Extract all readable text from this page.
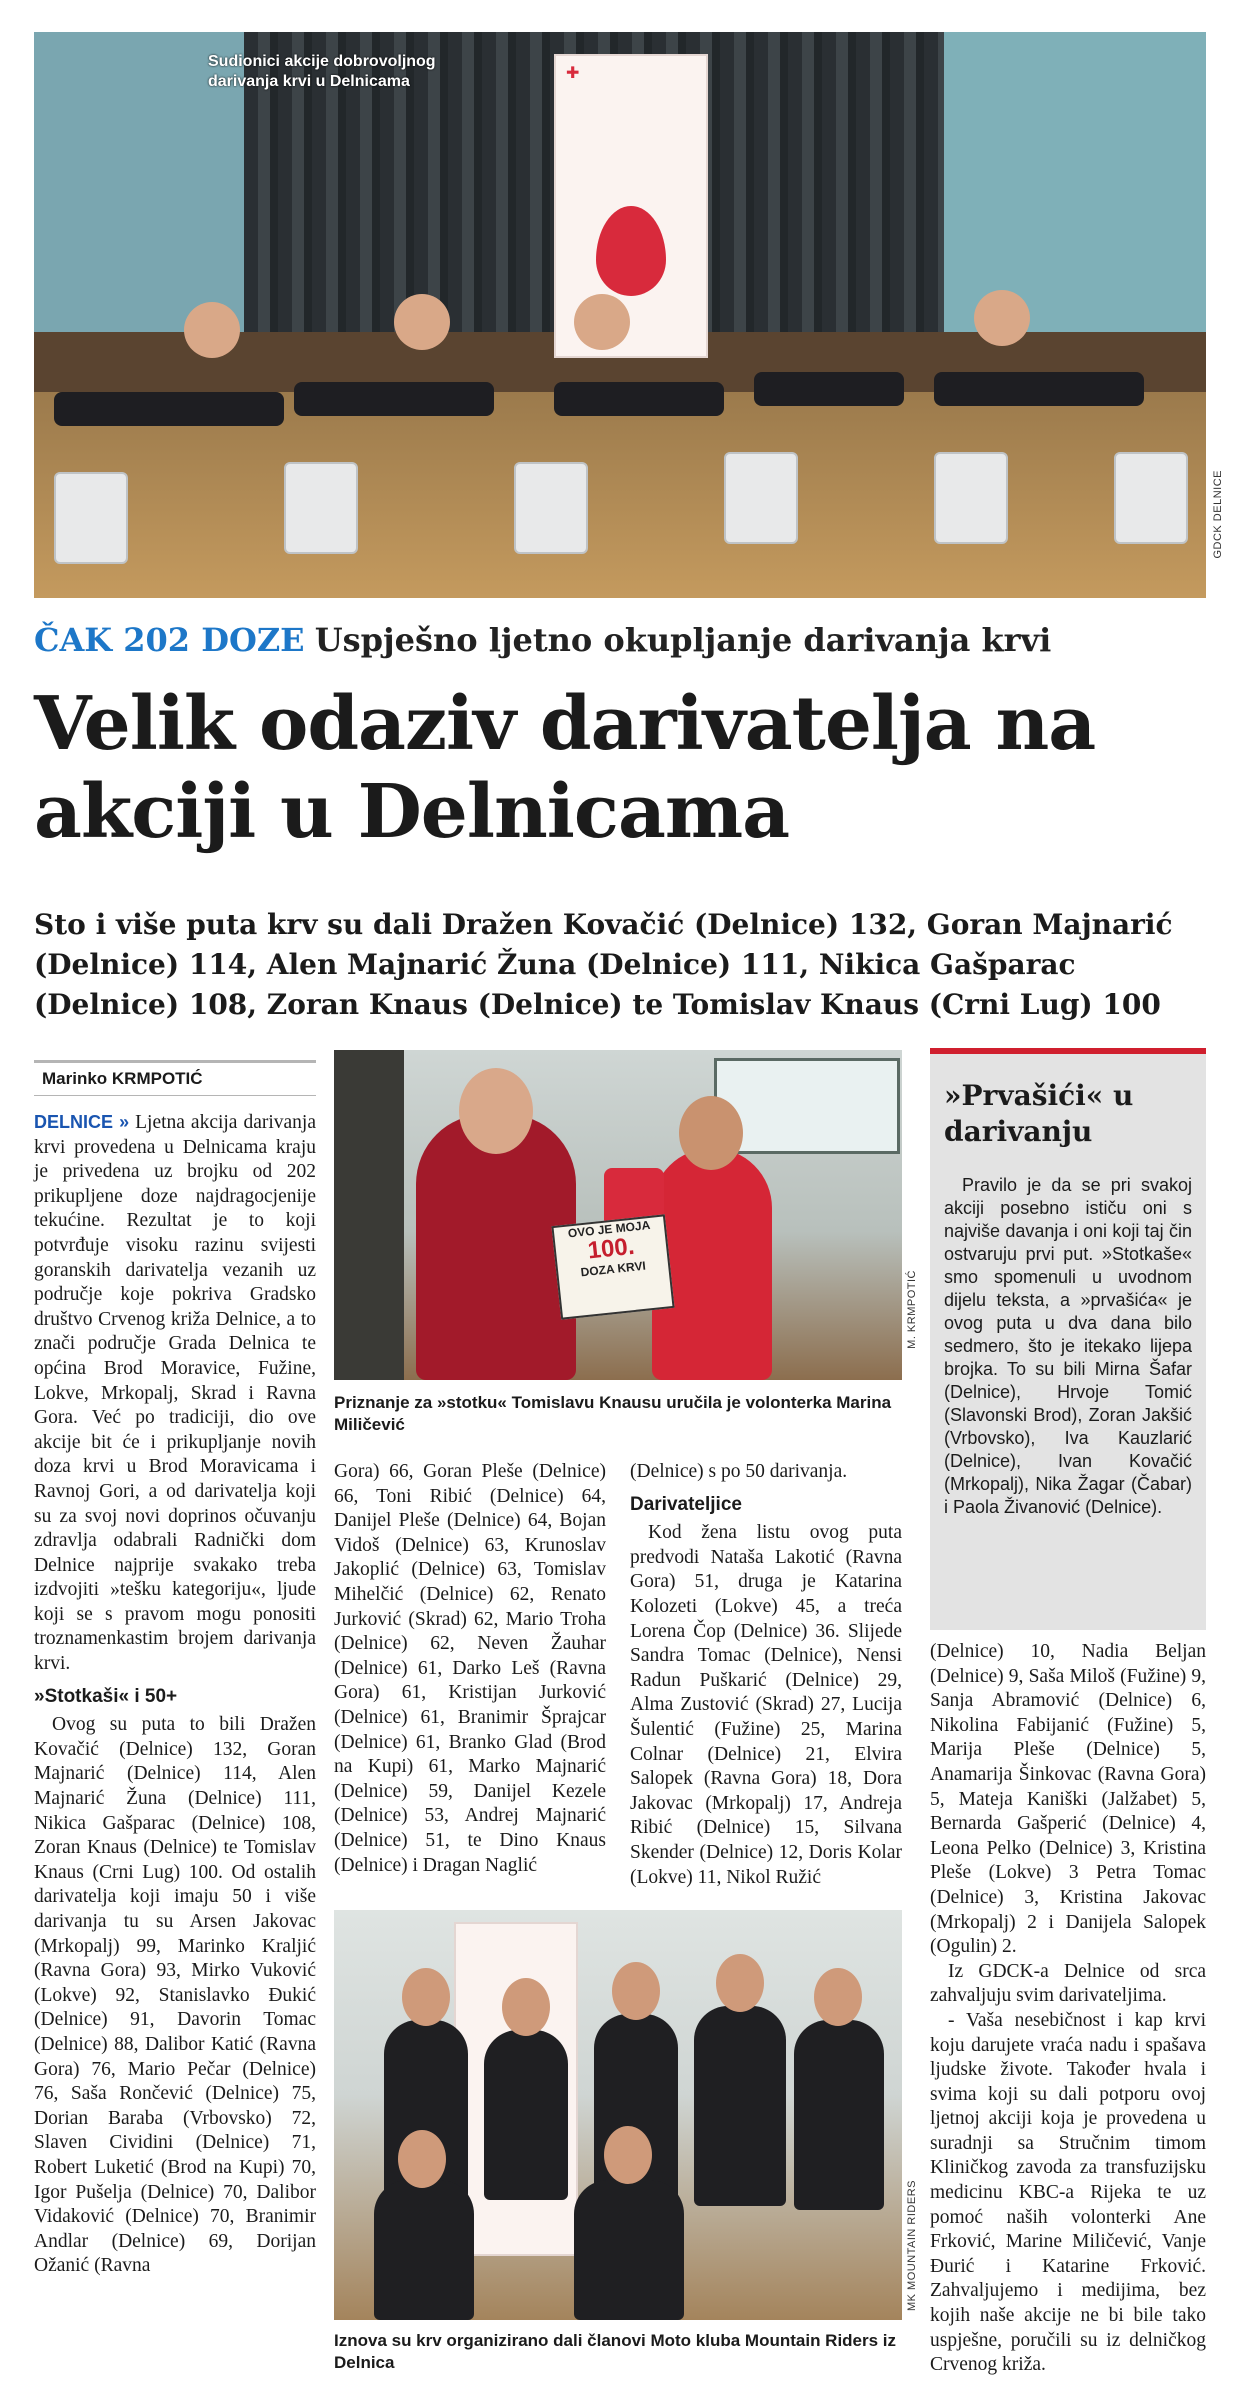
✚
Sudionici akcije dobrovoljnog darivanja krvi u Delnicama
GDCK DELNICE
ČAK 202 DOZE Uspješno ljetno okupljanje darivanja krvi
Velik odaziv darivatelja na akciji u Delnicama
Sto i više puta krv su dali Dražen Kovačić (Delnice) 132, Goran Majnarić (Delnice) 114, Alen Majnarić Žuna (Delnice) 111, Nikica Gašparac (Delnice) 108, Zoran Knaus (Delnice) te Tomislav Knaus (Crni Lug) 100
Marinko KRMPOTIĆ

DELNICE » Ljetna akcija darivanja krvi provedena u Delnicama kraju je privedena uz brojku od 202 prikupljene doze najdragocjenije tekućine. Rezultat je to koji potvrđuje visoku razinu svijesti goranskih darivatelja vezanih uz područje koje pokriva Gradsko društvo Crvenog križa Delnice, a to znači područje Grada Delnica te općina Brod Moravice, Fužine, Lokve, Mrkopalj, Skrad i Ravna Gora. Već po tradiciji, dio ove akcije bit će i prikupljanje novih doza krvi u Brod Moravicama i Ravnoj Gori, a od darivatelja koji su za svoj novi doprinos očuvanju zdravlja odabrali Radnički dom Delnice najprije svakako treba izdvojiti »tešku kategoriju«, ljude koji se s pravom mogu ponositi troznamenkastim brojem darivanja krvi.

»Stotkaši« i 50+

Ovog su puta to bili Dražen Kovačić (Delnice) 132, Goran Majnarić (Delnice) 114, Alen Majnarić Žuna (Delnice) 111, Nikica Gašparac (Delnice) 108, Zoran Knaus (Delnice) te Tomislav Knaus (Crni Lug) 100. Od ostalih darivatelja koji imaju 50 i više darivanja tu su Arsen Jakovac (Mrkopalj) 99, Marinko Kraljić (Ravna Gora) 93, Mirko Vuković (Lokve) 92, Stanislavko Đukić (Delnice) 91, Davorin Tomac (Delnice) 88, Dalibor Katić (Ravna Gora) 76, Mario Pečar (Delnice) 76, Saša Rončević (Delnice) 75, Dorian Baraba (Vrbovsko) 72, Slaven Cividini (Delnice) 71, Robert Luketić (Brod na Kupi) 70, Igor Pušelja (Delnice) 70, Dalibor Vidaković (Delnice) 70, Branimir Andlar (Delnice) 69, Dorijan Ožanić (Ravna

OVO JE MOJA
100.
DOZA KRVI
M. KRMPOTIĆ
Priznanje za »stotku« Tomislavu Knausu uručila je volonterka Marina Miličević

Gora) 66, Goran Pleše (Delnice) 66, Toni Ribić (Delnice) 64, Danijel Pleše (Delnice) 64, Bojan Vidoš (Delnice) 63, Krunoslav Jakoplić (Delnice) 63, Tomislav Mihelčić (Delnice) 62, Renato Jurković (Skrad) 62, Mario Troha (Delnice) 62, Neven Žauhar (Delnice) 61, Darko Leš (Ravna Gora) 61, Kristijan Jurković (Delnice) 61, Branimir Šprajcar (Delnice) 61, Branko Glad (Brod na Kupi) 61, Marko Majnarić (Delnice) 59, Danijel Kezele (Delnice) 53, Andrej Majnarić (Delnice) 51, te Dino Knaus (Delnice) i Dragan Naglić

(Delnice) s po 50 darivanja.

Darivateljice

Kod žena listu ovog puta predvodi Nataša Lakotić (Ravna Gora) 51, druga je Katarina Kolozeti (Lokve) 45, a treća Lorena Čop (Delnice) 36. Slijede Sandra Tomac (Delnice), Nensi Radun Puškarić (Delnice) 29, Alma Zustović (Skrad) 27, Lucija Šulentić (Fužine) 25, Marina Colnar (Delnice) 21, Elvira Salopek (Ravna Gora) 18, Dora Jakovac (Mrkopalj) 17, Andreja Ribić (Delnice) 15, Silvana Skender (Delnice) 12, Doris Kolar (Lokve) 11, Nikol Ružić

MK MOUNTAIN RIDERS
Iznova su krv organizirano dali članovi Moto kluba Mountain Riders iz Delnica
»Prvašići« u darivanju

Pravilo je da se pri svakoj akciji posebno ističu oni s najviše davanja i oni koji taj čin ostvaruju prvi put. »Stotkaše« smo spomenuli u uvodnom dijelu teksta, a »prvašića« je ovog puta u dva dana bilo sedmero, što je itekako lijepa brojka. To su bili Mirna Šafar (Delnice), Hrvoje Tomić (Slavonski Brod), Zoran Jakšić (Vrbovsko), Iva Kauzlarić (Delnice), Ivan Kovačić (Mrkopalj), Nika Žagar (Čabar) i Paola Živanović (Delnice).

(Delnice) 10, Nadia Beljan (Delnice) 9, Saša Miloš (Fužine) 9, Sanja Abramović (Delnice) 6, Nikolina Fabijanić (Fužine) 5, Marija Pleše (Delnice) 5, Anamarija Šinkovac (Ravna Gora) 5, Mateja Kaniški (Jalžabet) 5, Bernarda Gašperić (Delnice) 4, Leona Pelko (Delnice) 3, Kristina Pleše (Lokve) 3 Petra Tomac (Delnice) 3, Kristina Jakovac (Mrkopalj) 2 i Danijela Salopek (Ogulin) 2.

Iz GDCK-a Delnice od srca zahvaljuju svim darivateljima.

- Vaša nesebičnost i kap krvi koju darujete vraća nadu i spašava ljudske živote. Također hvala i svima koji su dali potporu ovoj ljetnoj akciji koja je provedena u suradnji sa Stručnim timom Kliničkog zavoda za transfuzijsku medicinu KBC-a Rijeka te uz pomoć naših volonterki Ane Frković, Marine Miličević, Vanje Đurić i Katarine Frković. Zahvaljujemo i medijima, bez kojih naše akcije ne bi bile tako uspješne, poručili su iz delničkog Crvenog križa.
